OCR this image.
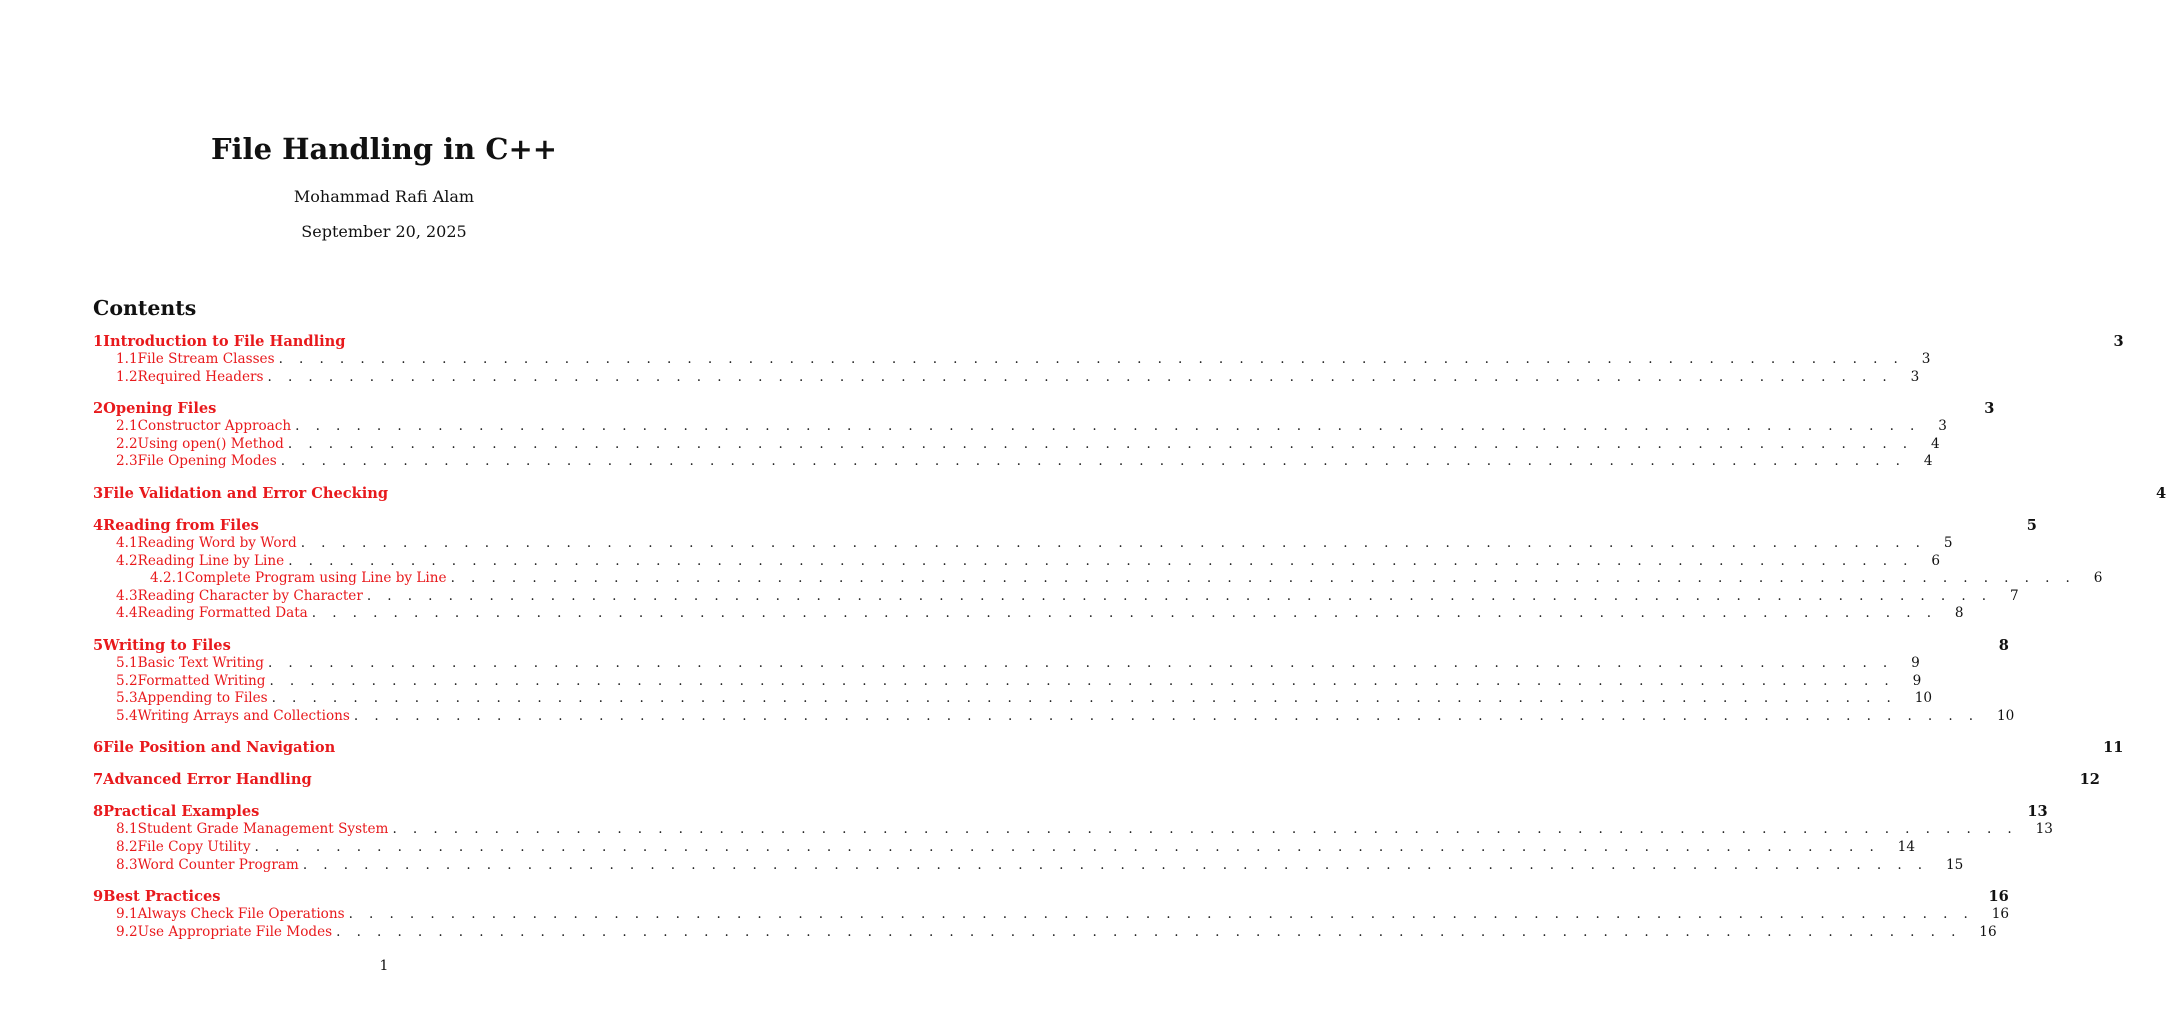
File Handling in C++
Mohammad Rafi Alam
September 20, 2025
Contents
1 Introduction to File Handling	3
1.1 File Stream Classes . . . . . . . . . . . . . . . . . . . . . . . . . . . . . . . . . . . . . . . . . . . . . . . . . . . . . . . . . . . . . . . . . . . . . . . . . . . . . . . . 3
1.2 Required Headers . . . . . . . . . . . . . . . . . . . . . . . . . . . . . . . . . . . . . . . . . . . . . . . . . . . . . . . . . . . . . . . . . . . . . . . . . . . . . . . . 3
2 Opening Files	3
2.1 Constructor Approach . . . . . . . . . . . . . . . . . . . . . . . . . . . . . . . . . . . . . . . . . . . . . . . . . . . . . . . . . . . . . . . . . . . . . . . . . . . . . . . . 3
2.2 Using open() Method . . . . . . . . . . . . . . . . . . . . . . . . . . . . . . . . . . . . . . . . . . . . . . . . . . . . . . . . . . . . . . . . . . . . . . . . . . . . . . . . 4
2.3 File Opening Modes . . . . . . . . . . . . . . . . . . . . . . . . . . . . . . . . . . . . . . . . . . . . . . . . . . . . . . . . . . . . . . . . . . . . . . . . . . . . . . . . 4
3 File Validation and Error Checking	4
4 Reading from Files	5
4.1 Reading Word by Word . . . . . . . . . . . . . . . . . . . . . . . . . . . . . . . . . . . . . . . . . . . . . . . . . . . . . . . . . . . . . . . . . . . . . . . . . . . . . . . . 5
4.2 Reading Line by Line . . . . . . . . . . . . . . . . . . . . . . . . . . . . . . . . . . . . . . . . . . . . . . . . . . . . . . . . . . . . . . . . . . . . . . . . . . . . . . . . 6
4.2.1 Complete Program using Line by Line . . . . . . . . . . . . . . . . . . . . . . . . . . . . . . . . . . . . . . . . . . . . . . . . . . . . . . . . . . . . . . . . . . . . . . . . . . . . . . . . 6
4.3 Reading Character by Character . . . . . . . . . . . . . . . . . . . . . . . . . . . . . . . . . . . . . . . . . . . . . . . . . . . . . . . . . . . . . . . . . . . . . . . . . . . . . . . . 7
4.4 Reading Formatted Data . . . . . . . . . . . . . . . . . . . . . . . . . . . . . . . . . . . . . . . . . . . . . . . . . . . . . . . . . . . . . . . . . . . . . . . . . . . . . . . . 8
5 Writing to Files	8
5.1 Basic Text Writing . . . . . . . . . . . . . . . . . . . . . . . . . . . . . . . . . . . . . . . . . . . . . . . . . . . . . . . . . . . . . . . . . . . . . . . . . . . . . . . . 9
5.2 Formatted Writing . . . . . . . . . . . . . . . . . . . . . . . . . . . . . . . . . . . . . . . . . . . . . . . . . . . . . . . . . . . . . . . . . . . . . . . . . . . . . . . . 9
5.3 Appending to Files . . . . . . . . . . . . . . . . . . . . . . . . . . . . . . . . . . . . . . . . . . . . . . . . . . . . . . . . . . . . . . . . . . . . . . . . . . . . . . . . 10
5.4 Writing Arrays and Collections . . . . . . . . . . . . . . . . . . . . . . . . . . . . . . . . . . . . . . . . . . . . . . . . . . . . . . . . . . . . . . . . . . . . . . . . . . . . . . . . 10
6 File Position and Navigation	11
7 Advanced Error Handling	12
8 Practical Examples	13
8.1 Student Grade Management System . . . . . . . . . . . . . . . . . . . . . . . . . . . . . . . . . . . . . . . . . . . . . . . . . . . . . . . . . . . . . . . . . . . . . . . . . . . . . . . . 13
8.2 File Copy Utility . . . . . . . . . . . . . . . . . . . . . . . . . . . . . . . . . . . . . . . . . . . . . . . . . . . . . . . . . . . . . . . . . . . . . . . . . . . . . . . . 14
8.3 Word Counter Program . . . . . . . . . . . . . . . . . . . . . . . . . . . . . . . . . . . . . . . . . . . . . . . . . . . . . . . . . . . . . . . . . . . . . . . . . . . . . . . . 15
9 Best Practices	16
9.1 Always Check File Operations . . . . . . . . . . . . . . . . . . . . . . . . . . . . . . . . . . . . . . . . . . . . . . . . . . . . . . . . . . . . . . . . . . . . . . . . . . . . . . . . 16
9.2 Use Appropriate File Modes . . . . . . . . . . . . . . . . . . . . . . . . . . . . . . . . . . . . . . . . . . . . . . . . . . . . . . . . . . . . . . . . . . . . . . . . . . . . . . . . 16
1
